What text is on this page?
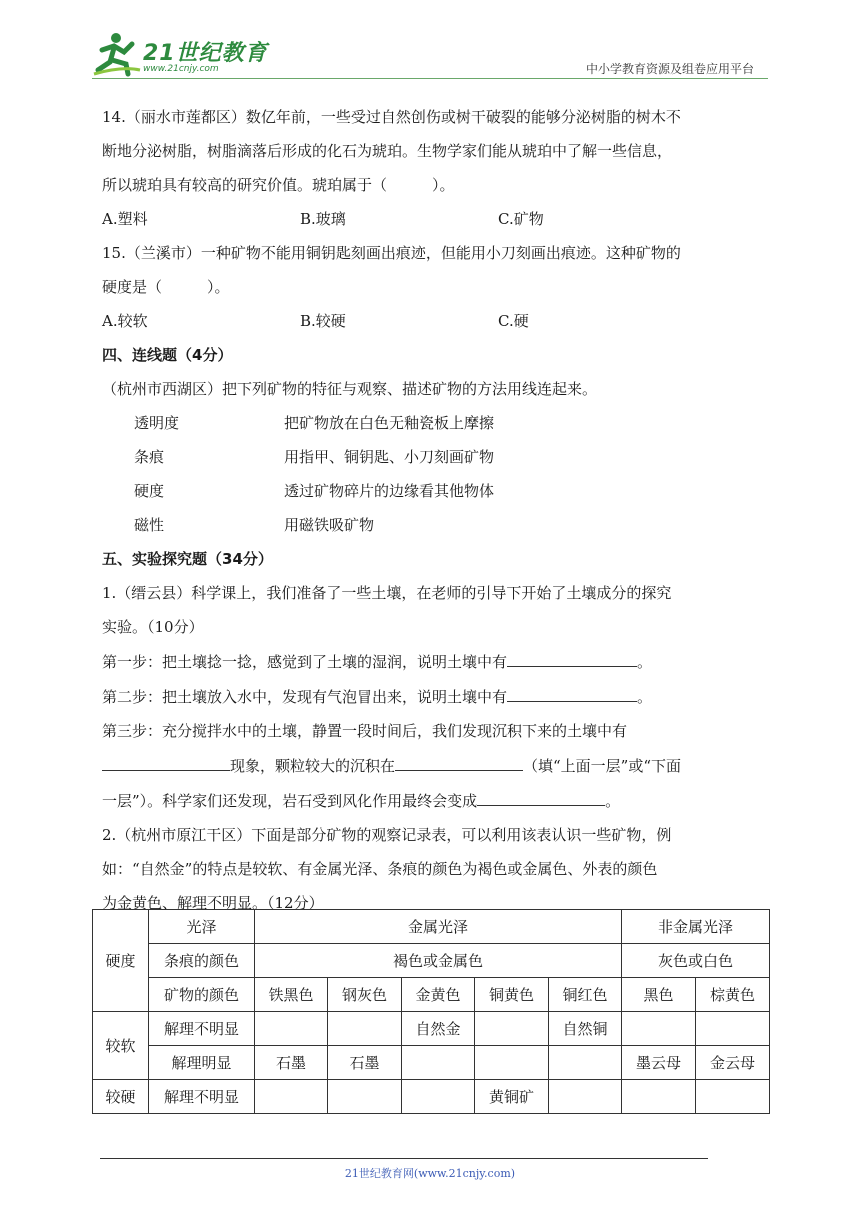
21世纪教育
www.21cnjy.com	中小学教育资源及组卷应用平台

14.（丽水市莲都区）数亿年前，一些受过自然创伤或树干破裂的能够分泌树脂的树木不

断地分泌树脂，树脂滴落后形成的化石为琥珀。生物学家们能从琥珀中了解一些信息，

所以琥珀具有较高的研究价值。琥珀属于（　　　）。

A.塑料	B.玻璃	C.矿物

15.（兰溪市）一种矿物不能用铜钥匙刻画出痕迹，但能用小刀刻画出痕迹。这种矿物的

硬度是（　　　）。

A.较软	B.较硬	C.硬

四、连线题（4分）

（杭州市西湖区）把下列矿物的特征与观察、描述矿物的方法用线连起来。

透明度	把矿物放在白色无釉瓷板上摩擦
条痕	用指甲、铜钥匙、小刀刻画矿物
硬度	透过矿物碎片的边缘看其他物体
磁性	用磁铁吸矿物

五、实验探究题（34分）

1.（缙云县）科学课上，我们准备了一些土壤，在老师的引导下开始了土壤成分的探究

实验。（10分）

第一步：把土壤捻一捻，感觉到了土壤的湿润，说明土壤中有	。

第二步：把土壤放入水中，发现有气泡冒出来，说明土壤中有	。

第三步：充分搅拌水中的土壤，静置一段时间后，我们发现沉积下来的土壤中有

现象，颗粒较大的沉积在	（填“上面一层”或“下面

一层”）。科学家们还发现，岩石受到风化作用最终会变成	。

2.（杭州市原江干区）下面是部分矿物的观察记录表，可以利用该表认识一些矿物，例

如：“自然金”的特点是较软、有金属光泽、条痕的颜色为褐色或金属色、外表的颜色

为金黄色、解理不明显。（12分）

硬度	光泽	金属光泽					非金属光泽	
	条痕的颜色	褐色或金属色					灰色或白色	
	矿物的颜色	铁黑色	钢灰色	金黄色	铜黄色	铜红色	黑色	棕黄色
较软	解理不明显			自然金		自然铜		
	解理明显	石墨	石墨				墨云母	金云母
较硬	解理不明显				黄铜矿			
21世纪教育网(www.21cnjy.com)
